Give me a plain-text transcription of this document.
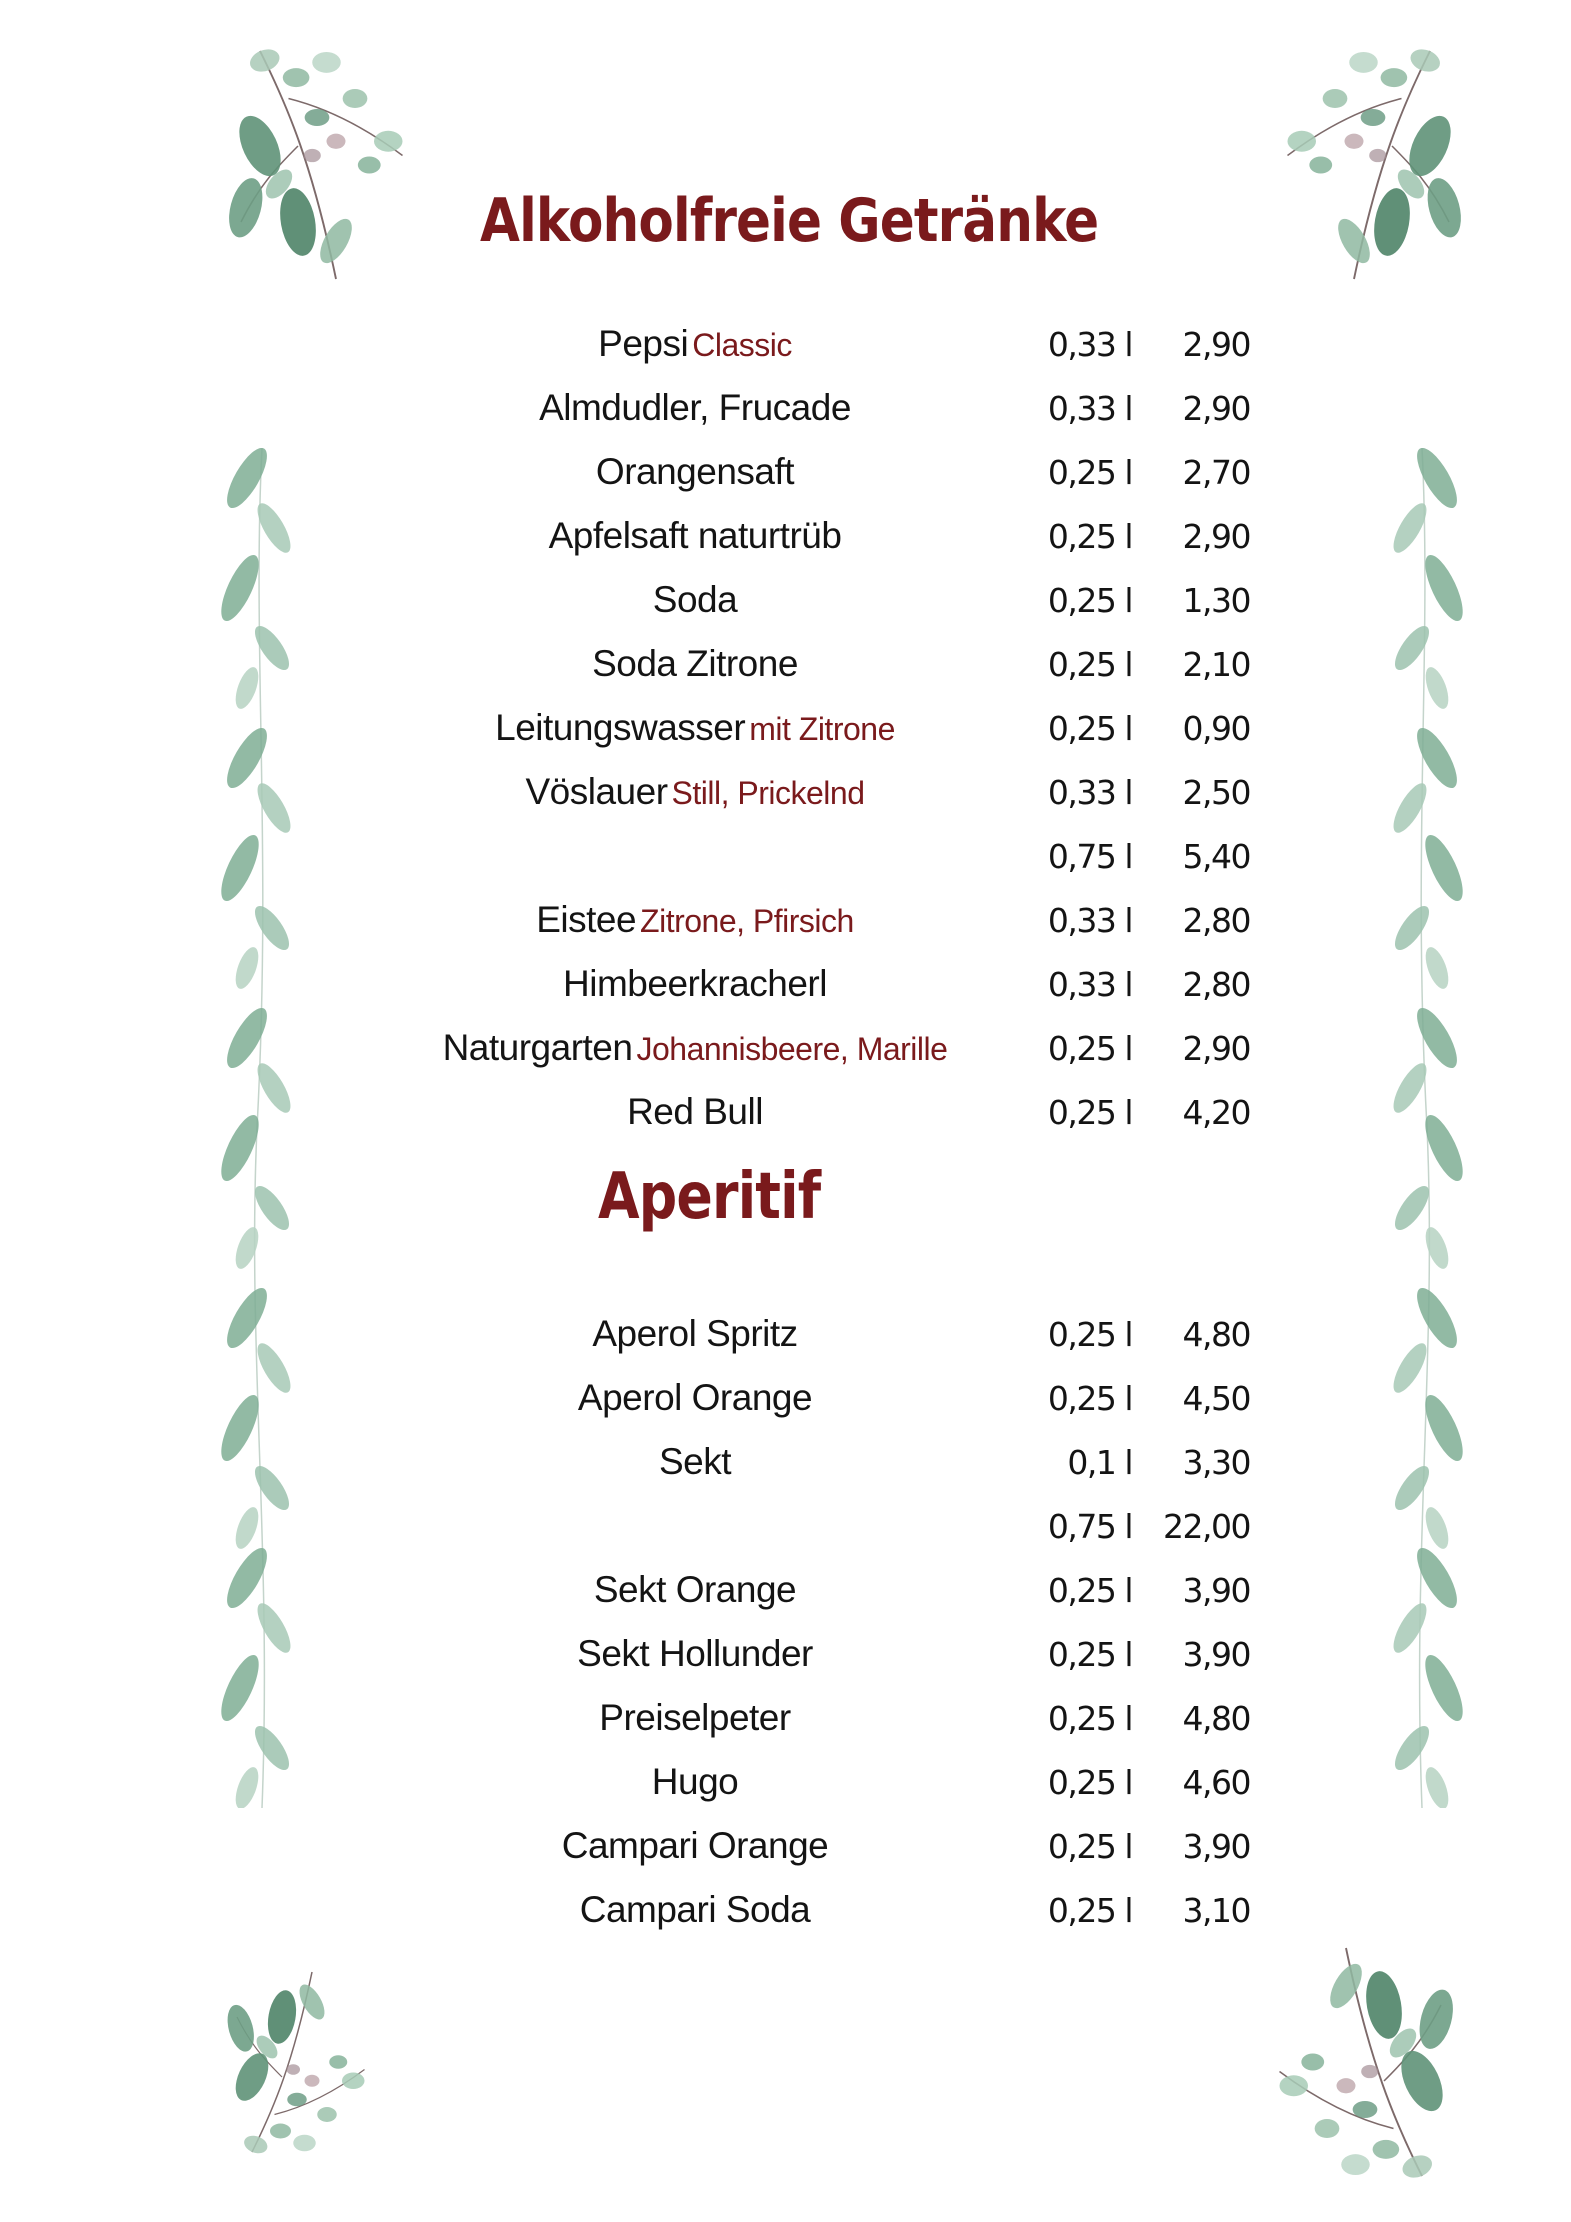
Alkoholfreie Getränke
Pepsi Classic	0,33 l	2,90
Almdudler, Frucade	0,33 l	2,90
Orangensaft	0,25 l	2,70
Apfelsaft naturtrüb	0,25 l	2,90
Soda	0,25 l	1,30
Soda Zitrone	0,25 l	2,10
Leitungswasser mit Zitrone	0,25 l	0,90
Vöslauer Still, Prickelnd	0,33 l	2,50
0,75 l	5,40
Eistee Zitrone, Pfirsich	0,33 l	2,80
Himbeerkracherl	0,33 l	2,80
Naturgarten Johannisbeere, Marille	0,25 l	2,90
Red Bull	0,25 l	4,20
Aperitif
Aperol Spritz	0,25 l	4,80
Aperol Orange	0,25 l	4,50
Sekt	0,1 l	3,30
0,75 l 22,00
Sekt Orange	0,25 l	3,90
Sekt Hollunder	0,25 l	3,90
Preiselpeter	0,25 l	4,80
Hugo	0,25 l	4,60
Campari Orange	0,25 l	3,90
Campari Soda	0,25 l	3,10
